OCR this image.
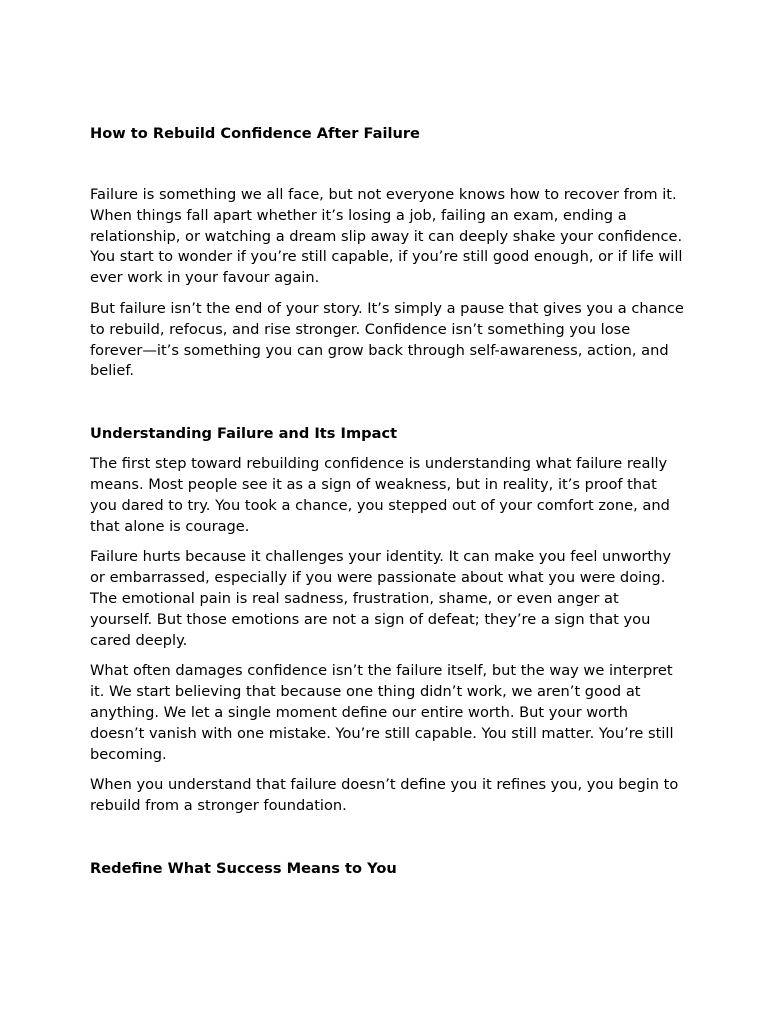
How to Rebuild Confidence After Failure

Failure is something we all face, but not everyone knows how to recover from it. When things fall apart whether it’s losing a job, failing an exam, ending a relationship, or watching a dream slip away it can deeply shake your confidence. You start to wonder if you’re still capable, if you’re still good enough, or if life will ever work in your favour again.

But failure isn’t the end of your story. It’s simply a pause that gives you a chance to rebuild, refocus, and rise stronger. Confidence isn’t something you lose forever—it’s something you can grow back through self-awareness, action, and belief.

Understanding Failure and Its Impact

The first step toward rebuilding confidence is understanding what failure really means. Most people see it as a sign of weakness, but in reality, it’s proof that you dared to try. You took a chance, you stepped out of your comfort zone, and that alone is courage.

Failure hurts because it challenges your identity. It can make you feel unworthy or embarrassed, especially if you were passionate about what you were doing. The emotional pain is real sadness, frustration, shame, or even anger at yourself. But those emotions are not a sign of defeat; they’re a sign that you cared deeply.

What often damages confidence isn’t the failure itself, but the way we interpret it. We start believing that because one thing didn’t work, we aren’t good at anything. We let a single moment define our entire worth. But your worth doesn’t vanish with one mistake. You’re still capable. You still matter. You’re still becoming.

When you understand that failure doesn’t define you it refines you, you begin to rebuild from a stronger foundation.

Redefine What Success Means to You
